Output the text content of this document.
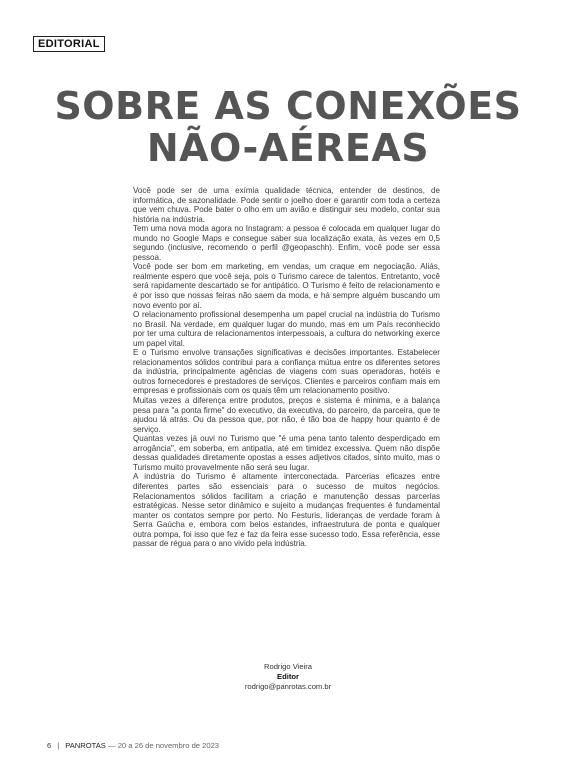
EDITORIAL
SOBRE AS CONEXÕES
NÃO-AÉREAS

Você pode ser de uma exímia qualidade técnica, entender de destinos, de informática, de sazonalidade. Pode sentir o joelho doer e garantir com toda a certeza que vem chuva. Pode bater o olho em um avião e distinguir seu modelo, contar sua história na indústria.

Tem uma nova moda agora no Instagram: a pessoa é colocada em qualquer lugar do mundo no Google Maps e consegue saber sua localização exata, às vezes em 0,5 segundo (inclusive, recomendo o perfil @geopaschh). Enfim, você pode ser essa pessoa.

Você pode ser bom em marketing, em vendas, um craque em negociação. Aliás, realmente espero que você seja, pois o Turismo carece de talentos. Entretanto, você será rapidamente descartado se for antipático. O Turismo é feito de relacionamento e é por isso que nossas feiras não saem da moda, e há sempre alguém buscando um novo evento por aí.

O relacionamento profissional desempenha um papel crucial na indústria do Turismo no Brasil. Na verdade, em qualquer lugar do mundo, mas em um País reconhecido por ter uma cultura de relacionamentos interpessoais, a cultura do networking exerce um papel vital.

E o Turismo envolve transações significativas e decisões importantes. Estabelecer relacionamentos sólidos contribui para a confiança mútua entre os diferentes setores da indústria, principalmente agências de viagens com suas operadoras, hotéis e outros fornecedores e prestadores de serviços. Clientes e parceiros confiam mais em empresas e profissionais com os quais têm um relacionamento positivo.

Muitas vezes a diferença entre produtos, preços e sistema é mínima, e a balança pesa para "a ponta firme" do executivo, da executiva, do parceiro, da parceira, que te ajudou lá atrás. Ou da pessoa que, por não, é tão boa de happy hour quanto é de serviço.

Quantas vezes já ouvi no Turismo que "é uma pena tanto talento desperdiçado em arrogância", em soberba, em antipatia, até em timidez excessiva. Quem não dispõe dessas qualidades diretamente opostas a esses adjetivos citados, sinto muito, mas o Turismo muito provavelmente não será seu lugar.

A indústria do Turismo é altamente interconectada. Parcerias eficazes entre diferentes partes são essenciais para o sucesso de muitos negócios. Relacionamentos sólidos facilitam a criação e manutenção dessas parcerias estratégicas. Nesse setor dinâmico e sujeito a mudanças frequentes é fundamental manter os contatos sempre por perto. No Festuris, lideranças de verdade foram à Serra Gaúcha e, embora com belos estandes, infraestrutura de ponta e qualquer outra pompa, foi isso que fez e faz da feira esse sucesso todo. Essa referência, esse passar de régua para o ano vivido pela indústria.

Rodrigo Vieira
Editor
rodrigo@panrotas.com.br
6 | PANROTAS — 20 a 26 de novembro de 2023
